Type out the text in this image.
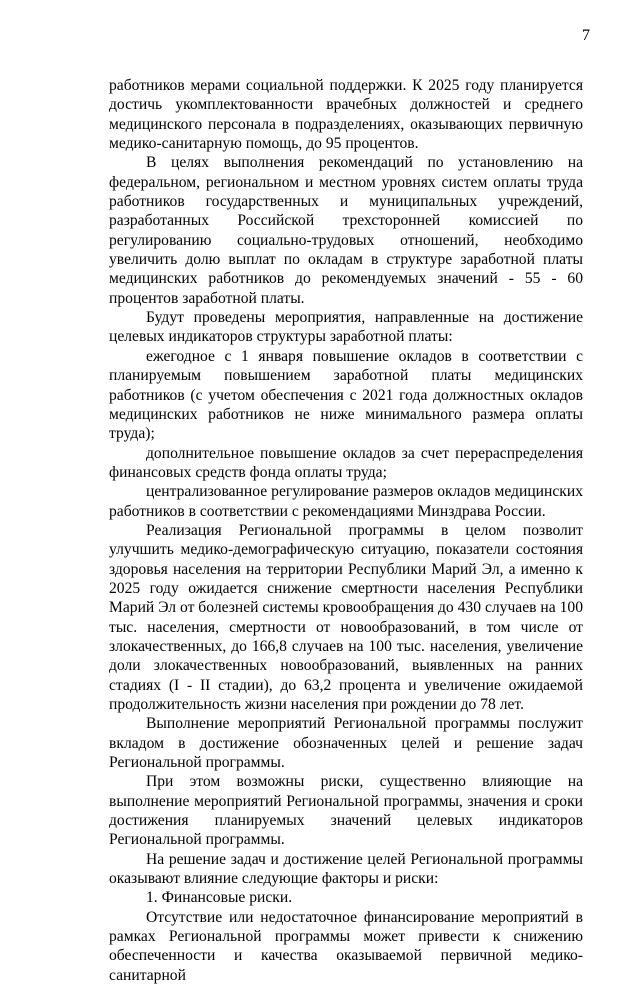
7

работников мерами социальной поддержки. К 2025 году планируется достичь укомплектованности врачебных должностей и среднего медицинского персонала в подразделениях, оказывающих первичную медико-санитарную помощь, до 95 процентов.

В целях выполнения рекомендаций по установлению на федеральном, региональном и местном уровнях систем оплаты труда работников государственных и муниципальных учреждений, разработанных Российской трехсторонней комиссией по регулированию социально-трудовых отношений, необходимо увеличить долю выплат по окладам в структуре заработной платы медицинских работников до рекомендуемых значений - 55 - 60 процентов заработной платы.

Будут проведены мероприятия, направленные на достижение целевых индикаторов структуры заработной платы:

ежегодное с 1 января повышение окладов в соответствии с планируемым повышением заработной платы медицинских работников (с учетом обеспечения с 2021 года должностных окладов медицинских работников не ниже минимального размера оплаты труда);

дополнительное повышение окладов за счет перераспределения финансовых средств фонда оплаты труда;

централизованное регулирование размеров окладов медицинских работников в соответствии с рекомендациями Минздрава России.

Реализация Региональной программы в целом позволит улучшить медико-демографическую ситуацию, показатели состояния здоровья населения на территории Республики Марий Эл, а именно к 2025 году ожидается снижение смертности населения Республики Марий Эл от болезней системы кровообращения до 430 случаев на 100 тыс. населения, смертности от новообразований, в том числе от злокачественных, до 166,8 случаев на 100 тыс. населения, увеличение доли злокачественных новообразований, выявленных на ранних стадиях (I - II стадии), до 63,2 процента и увеличение ожидаемой продолжительность жизни населения при рождении до 78 лет.

Выполнение мероприятий Региональной программы послужит вкладом в достижение обозначенных целей и решение задач Региональной программы.

При этом возможны риски, существенно влияющие на выполнение мероприятий Региональной программы, значения и сроки достижения планируемых значений целевых индикаторов Региональной программы.

На решение задач и достижение целей Региональной программы оказывают влияние следующие факторы и риски:

1. Финансовые риски.

Отсутствие или недостаточное финансирование мероприятий в рамках Региональной программы может привести к снижению обеспеченности и качества оказываемой первичной медико-санитарной
